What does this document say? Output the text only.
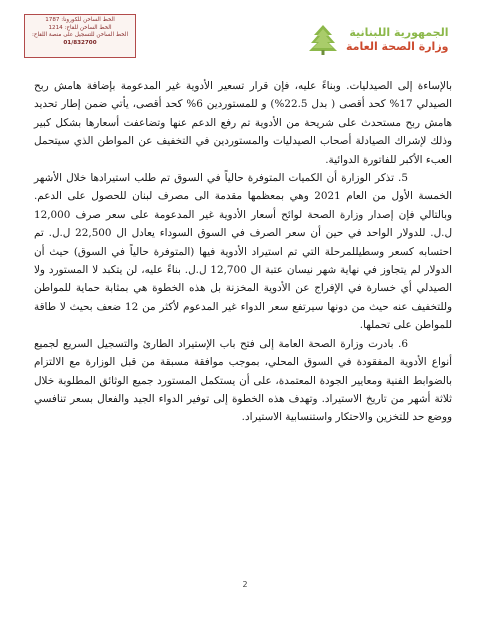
الخط الساخن للكورونا: 1787
الخط الساخن للقاح: 1214
الخط الساخن للتسجيل على منصة اللقاح:
01/832700
الجمهورية اللبنانية
وزارة الصحة العامة

بالإساءة إلى الصيدليات. وبناءً عليه، فإن قرار تسعير الأدوية غير المدعومة بإضافة هامش ربح الصيدلي 17% كحد أقصى ( بدل 22.5%) و للمستوردين 6% كحد أقصى، يأتي ضمن إطار تحديد هامش ربح مستحدث على شريحة من الأدوية تم رفع الدعم عنها وتضاعفت أسعارها بشكل كبير وذلك لإشراك الصيادلة أصحاب الصيدليات والمستوردين في التخفيف عن المواطن الذي سيتحمل العبء الأكبر للفاتورة الدوائية.

5. تذكر الوزارة أن الكميات المتوفرة حالياً في السوق تم طلب استيرادها خلال الأشهر الخمسة الأول من العام 2021 وهي بمعظمها مقدمة الى مصرف لبنان للحصول على الدعم. وبالتالي فإن إصدار وزارة الصحة لوائح أسعار الأدوية غير المدعومة على سعر صرف 12,000 ل.ل. للدولار الواحد في حين أن سعر الصرف في السوق السوداء يعادل ال 22,500 ل.ل. تم احتسابه كسعر وسطيللمرحلة التي تم استيراد الأدوية فيها (المتوفرة حالياً في السوق) حيث أن الدولار لم يتجاوز في نهاية شهر نيسان عتبة ال 12,700 ل.ل. بناءً عليه، لن يتكبد لا المستورد ولا الصيدلي أي خسارة في الإفراج عن الأدوية المخزنة بل هذه الخطوة هي بمثابة حماية للمواطن وللتخفيف عنه حيث من دونها سيرتفع سعر الدواء غير المدعوم لأكثر من 12 ضعف بحيث لا طاقة للمواطن على تحملها.

6. بادرت وزارة الصحة العامة إلى فتح باب الإستيراد الطارئ والتسجيل السريع لجميع أنواع الأدوية المفقودة في السوق المحلي، بموجب موافقة مسبقة من قبل الوزارة مع الالتزام بالضوابط الفنية ومعايير الجودة المعتمدة، على أن يستكمل المستورد جميع الوثائق المطلوبة خلال ثلاثة أشهر من تاريخ الاستيراد. وتهدف هذه الخطوة إلى توفير الدواء الجيد والفعال بسعر تنافسي ووضع حد للتخزين والاحتكار واستنسابية الاستيراد.

2
